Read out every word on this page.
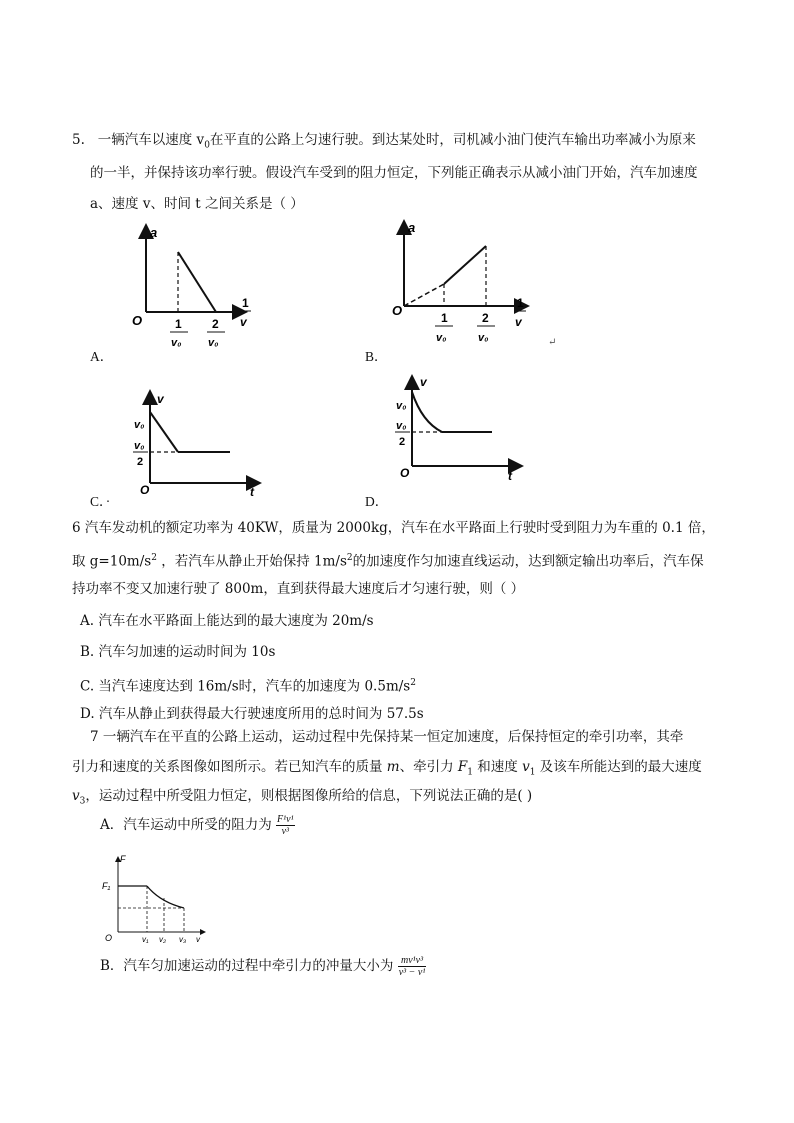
5. 一辆汽车以速度 $v_0$在平直的公路上匀速行驶。到达某处时，司机减小油门使汽车输出功率减小为原来
的一半，并保持该功率行驶。假设汽车受到的阻力恒定，下列能正确表示从减小油门开始，汽车加速度
a、速度 v、时间 t 之间关系是（ ）
a
O	1
v₀
2
v₀
1
v
A．
a
O	1
v₀
2
v₀
1
v
B．
↵
v
v₀
v₀
2
O	t
C．·
v
v₀
v₀
2
O	t
D．
6 汽车发动机的额定功率为 40KW，质量为 2000kg，汽车在水平路面上行驶时受到阻力为车重的 0.1 倍，
取 $g=10m/s^2$ ，若汽车从静止开始保持 $1m/s^2$的加速度作匀加速直线运动，达到额定输出功率后，汽车保
持功率不变又加速行驶了 800m，直到获得最大速度后才匀速行驶，则（ ）
A. 汽车在水平路面上能达到的最大速度为 20m/s
B. 汽车匀加速的运动时间为 10s
C. 当汽车速度达到 16m/s时，汽车的加速度为 $0.5m/s^2$
D. 汽车从静止到获得最大行驶速度所用的总时间为 57.5s
7 一辆汽车在平直的公路上运动，运动过程中先保持某一恒定加速度，后保持恒定的牵引功率，其牵
引力和速度的关系图像如图所示。若已知汽车的质量 m、牵引力 $F_1$ 和速度 $v_1$ 及该车所能达到的最大速度
$v_3$，运动过程中所受阻力恒定，则根据图像所给的信息，下列说法正确的是( )
A．汽车运动中所受的阻力为 $\frac{\text{F¹v¹}}{\text{v³}}$
F
F₁
O	v₁ v₂ v₃ v
B．汽车匀加速运动的过程中牵引力的冲量大小为 $\frac{\text{mv¹v³}}{\text{v³ − v¹}}$
